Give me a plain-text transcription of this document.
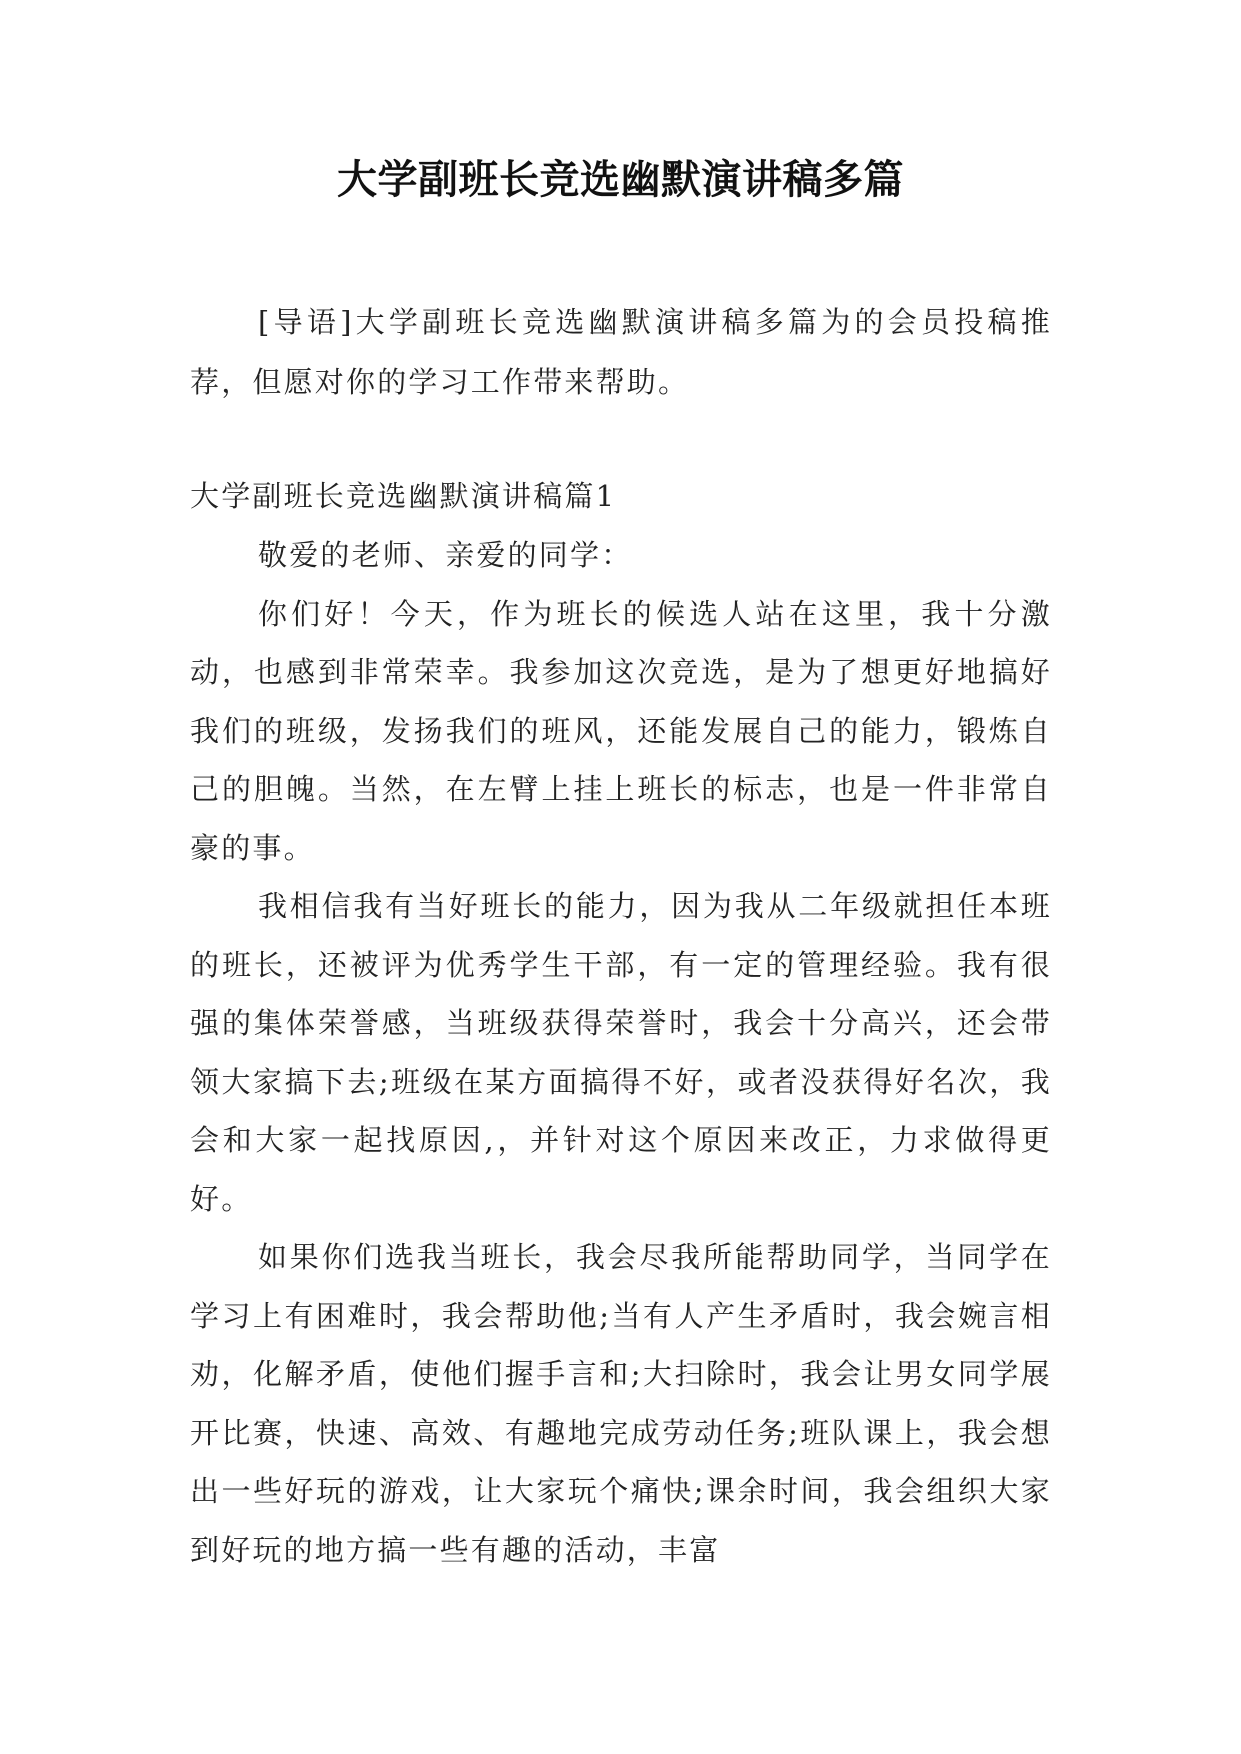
大学副班长竞选幽默演讲稿多篇

[导语]大学副班长竞选幽默演讲稿多篇为的会员投稿推荐，但愿对你的学习工作带来帮助。

大学副班长竞选幽默演讲稿篇1

敬爱的老师、亲爱的同学：

你们好！今天，作为班长的候选人站在这里，我十分激动，也感到非常荣幸。我参加这次竞选，是为了想更好地搞好我们的班级，发扬我们的班风，还能发展自己的能力，锻炼自己的胆魄。当然，在左臂上挂上班长的标志，也是一件非常自豪的事。

我相信我有当好班长的能力，因为我从二年级就担任本班的班长，还被评为优秀学生干部，有一定的管理经验。我有很强的集体荣誉感，当班级获得荣誉时，我会十分高兴，还会带领大家搞下去;班级在某方面搞得不好，或者没获得好名次，我会和大家一起找原因,，并针对这个原因来改正，力求做得更好。

如果你们选我当班长，我会尽我所能帮助同学，当同学在学习上有困难时，我会帮助他;当有人产生矛盾时，我会婉言相劝，化解矛盾，使他们握手言和;大扫除时，我会让男女同学展开比赛，快速、高效、有趣地完成劳动任务;班队课上，我会想出一些好玩的游戏，让大家玩个痛快;课余时间，我会组织大家到好玩的地方搞一些有趣的活动，丰富
